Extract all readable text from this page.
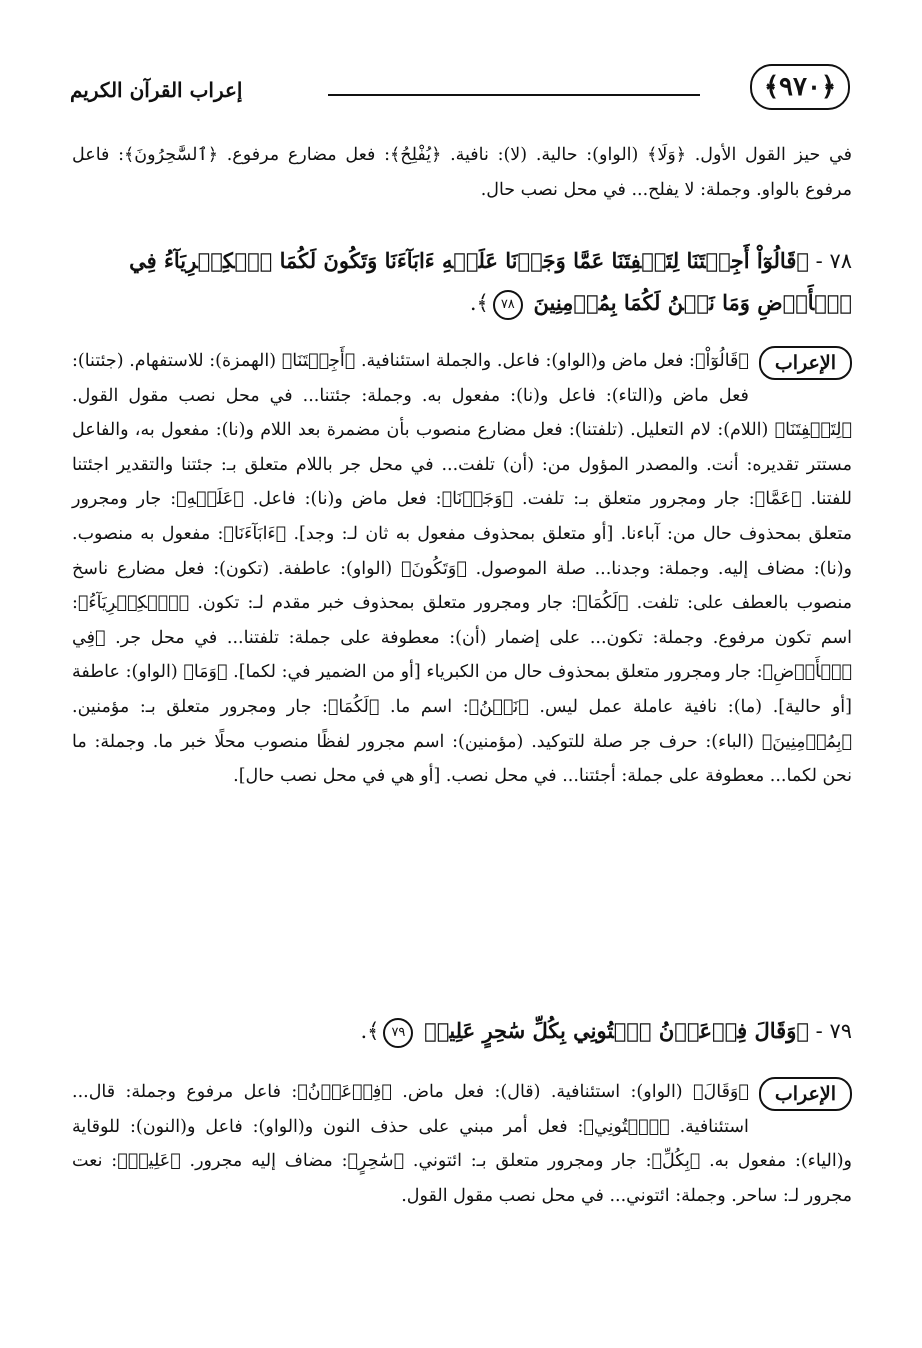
﴿٩٧٠﴾
إعراب القرآن الكريم
في حيز القول الأول. ﴿وَلَا﴾ (الواو): حالية. (لا): نافية. ﴿يُفْلِحُ﴾: فعل مضارع مرفوع. ﴿ٱلسَّٰحِرُونَ﴾: فاعل مرفوع بالواو. وجملة: لا يفلح... في محل نصب حال.
٧٨ - ﴿قَالُوٓاْ أَجِئۡتَنَا لِتَلۡفِتَنَا عَمَّا وَجَدۡنَا عَلَيۡهِ ءَابَآءَنَا وَتَكُونَ لَكُمَا ٱلۡكِبۡرِيَآءُ فِي ٱلۡأَرۡضِ وَمَا نَحۡنُ لَكُمَا بِمُؤۡمِنِينَ ٧٨﴾.
الإعراب
﴿قَالُوٓاْ﴾: فعل ماض و(الواو): فاعل. والجملة استئنافية. ﴿أَجِئۡتَنَا﴾ (الهمزة): للاستفهام. (جئتنا): فعل ماض و(التاء): فاعل و(نا): مفعول به. وجملة: جئتنا... في محل نصب مقول القول. ﴿لِتَلۡفِتَنَا﴾ (اللام): لام التعليل. (تلفتنا): فعل مضارع منصوب بأن مضمرة بعد اللام و(نا): مفعول به، والفاعل مستتر تقديره: أنت. والمصدر المؤول من: (أن) تلفت... في محل جر باللام متعلق بـ: جئتنا والتقدير اجئتنا للفتنا. ﴿عَمَّا﴾: جار ومجرور متعلق بـ: تلفت. ﴿وَجَدۡنَا﴾: فعل ماض و(نا): فاعل. ﴿عَلَيۡهِ﴾: جار ومجرور متعلق بمحذوف حال من: آباءنا. [أو متعلق بمحذوف مفعول به ثان لـ: وجد]. ﴿ءَابَآءَنَا﴾: مفعول به منصوب. و(نا): مضاف إليه. وجملة: وجدنا... صلة الموصول. ﴿وَتَكُونَ﴾ (الواو): عاطفة. (تكون): فعل مضارع ناسخ منصوب بالعطف على: تلفت. ﴿لَكُمَا﴾: جار ومجرور متعلق بمحذوف خبر مقدم لـ: تكون. ﴿ٱلۡكِبۡرِيَآءُ﴾: اسم تكون مرفوع. وجملة: تكون... على إضمار (أن): معطوفة على جملة: تلفتنا... في محل جر. ﴿فِي ٱلۡأَرۡضِ﴾: جار ومجرور متعلق بمحذوف حال من الكبرياء [أو من الضمير في: لكما]. ﴿وَمَا﴾ (الواو): عاطفة [أو حالية]. (ما): نافية عاملة عمل ليس. ﴿نَحۡنُ﴾: اسم ما. ﴿لَكُمَا﴾: جار ومجرور متعلق بـ: مؤمنين. ﴿بِمُؤۡمِنِينَ﴾ (الباء): حرف جر صلة للتوكيد. (مؤمنين): اسم مجرور لفظًا منصوب محلًا خبر ما. وجملة: ما نحن لكما... معطوفة على جملة: أجئتنا... في محل نصب. [أو هي في محل نصب حال].
٧٩ - ﴿وَقَالَ فِرۡعَوۡنُ ٱئۡتُونِي بِكُلِّ سَٰحِرٍ عَلِيمٖ ٧٩﴾.
الإعراب
﴿وَقَالَ﴾ (الواو): استئنافية. (قال): فعل ماض. ﴿فِرۡعَوۡنُ﴾: فاعل مرفوع وجملة: قال... استئنافية. ﴿ٱئۡتُونِي﴾: فعل أمر مبني على حذف النون و(الواو): فاعل و(النون): للوقاية و(الياء): مفعول به. ﴿بِكُلِّ﴾: جار ومجرور متعلق بـ: ائتوني. ﴿سَٰحِرٍ﴾: مضاف إليه مجرور. ﴿عَلِيمٖ﴾: نعت مجرور لـ: ساحر. وجملة: ائتوني... في محل نصب مقول القول.
